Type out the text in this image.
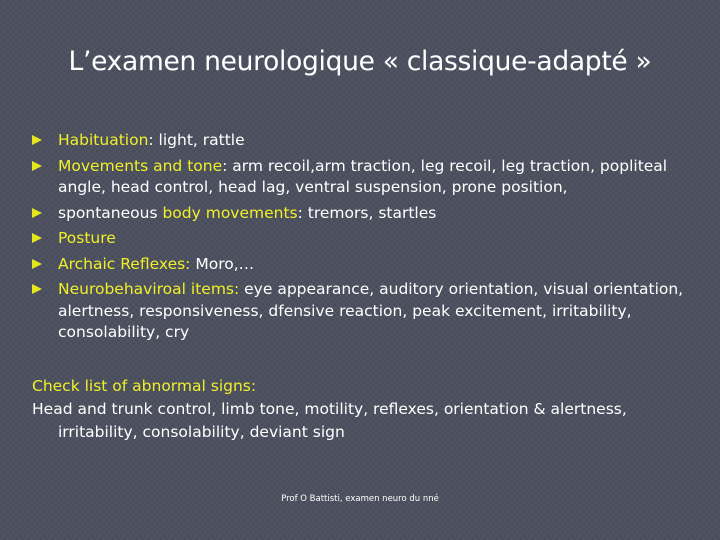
L’examen neurologique « classique-adapté »
Habituation: light, rattle
Movements and tone: arm recoil,arm traction, leg recoil, leg traction, popliteal angle, head control, head lag, ventral suspension, prone position,
spontaneous body movements: tremors, startles
Posture
Archaic Reflexes: Moro,…
Neurobehaviroal items: eye appearance, auditory orientation, visual orientation, alertness, responsiveness, dfensive reaction, peak excitement, irritability, consolability, cry
Check list of abnormal signs:
Head and trunk control, limb tone, motility, reflexes, orientation & alertness, irritability, consolability, deviant sign
Prof O Battisti, examen neuro du nné
